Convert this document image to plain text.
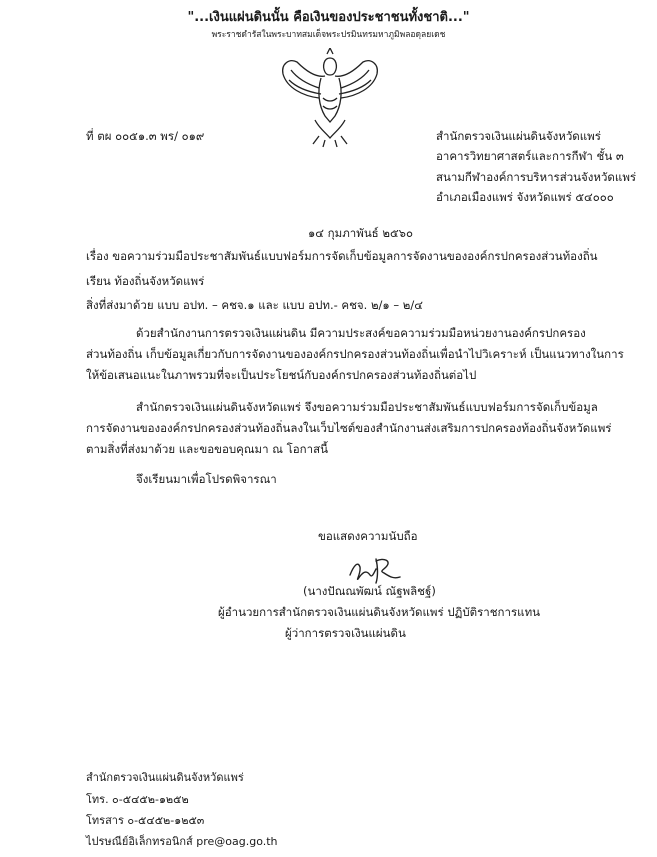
"...เงินแผ่นดินนั้น คือเงินของประชาชนทั้งชาติ..."
พระราชดำรัสในพระบาทสมเด็จพระปรมินทรมหาภูมิพลอดุลยเดช
ที่ ตผ ๐๐๕๑.๓ พร/ ๐๑๙	สำนักตรวจเงินแผ่นดินจังหวัดแพร่
อาคารวิทยาศาสตร์และการกีฬา ชั้น ๓
สนามกีฬาองค์การบริหารส่วนจังหวัดแพร่
อำเภอเมืองแพร่ จังหวัดแพร่ ๕๔๐๐๐
๑๔ กุมภาพันธ์ ๒๕๖๐
เรื่อง ขอความร่วมมือประชาสัมพันธ์แบบฟอร์มการจัดเก็บข้อมูลการจัดงานขององค์กรปกครองส่วนท้องถิ่น
เรียน ท้องถิ่นจังหวัดแพร่
สิ่งที่ส่งมาด้วย แบบ อปท. – คชจ.๑ และ แบบ อปท.- คชจ. ๒/๑ – ๒/๔
ด้วยสำนักงานการตรวจเงินแผ่นดิน มีความประสงค์ขอความร่วมมือหน่วยงานองค์กรปกครอง
ส่วนท้องถิ่น เก็บข้อมูลเกี่ยวกับการจัดงานขององค์กรปกครองส่วนท้องถิ่นเพื่อนำไปวิเคราะห์ เป็นแนวทางในการ
ให้ข้อเสนอแนะในภาพรวมที่จะเป็นประโยชน์กับองค์กรปกครองส่วนท้องถิ่นต่อไป
สำนักตรวจเงินแผ่นดินจังหวัดแพร่ จึงขอความร่วมมือประชาสัมพันธ์แบบฟอร์มการจัดเก็บข้อมูล
การจัดงานขององค์กรปกครองส่วนท้องถิ่นลงในเว็บไซต์ของสำนักงานส่งเสริมการปกครองท้องถิ่นจังหวัดแพร่
ตามสิ่งที่ส่งมาด้วย และขอขอบคุณมา ณ โอกาสนี้
จึงเรียนมาเพื่อโปรดพิจารณา
ขอแสดงความนับถือ
(นางปัณณพัฒน์ ณัฐพลิชฐ์)
ผู้อำนวยการสำนักตรวจเงินแผ่นดินจังหวัดแพร่ ปฏิบัติราชการแทน
ผู้ว่าการตรวจเงินแผ่นดิน
สำนักตรวจเงินแผ่นดินจังหวัดแพร่
โทร. ๐-๕๔๕๒-๑๒๕๒
โทรสาร ๐-๕๔๕๒-๑๒๕๓
ไปรษณีย์อิเล็กทรอนิกส์ pre@oag.go.th
